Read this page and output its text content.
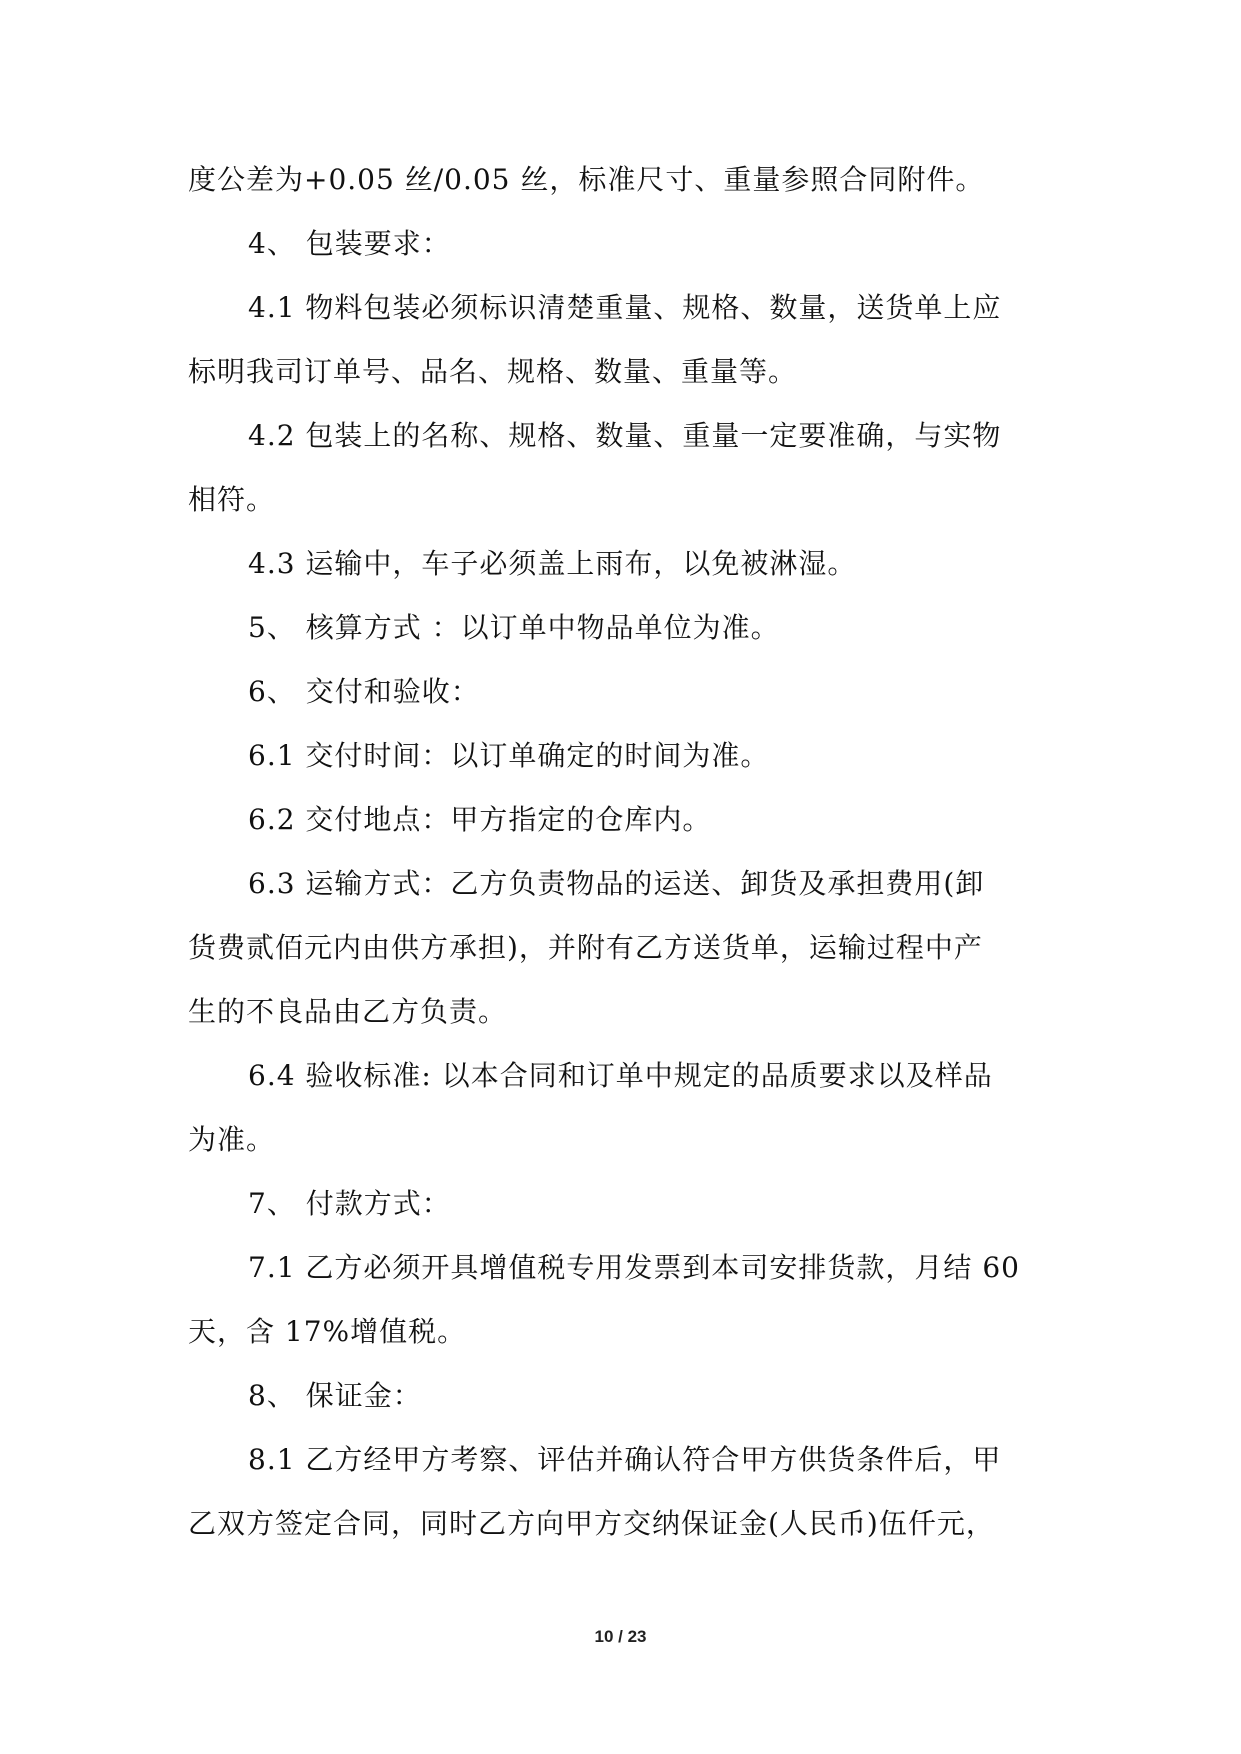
度公差为+0.05 丝/0.05 丝，标准尺寸、重量参照合同附件。
4、 包装要求：
4.1 物料包装必须标识清楚重量、规格、数量，送货单上应
标明我司订单号、品名、规格、数量、重量等。
4.2 包装上的名称、规格、数量、重量一定要准确，与实物
相符。
4.3 运输中，车子必须盖上雨布，以免被淋湿。
5、 核算方式 ：以订单中物品单位为准。
6、 交付和验收：
6.1 交付时间：以订单确定的时间为准。
6.2 交付地点：甲方指定的仓库内。
6.3 运输方式：乙方负责物品的运送、卸货及承担费用(卸
货费贰佰元内由供方承担)，并附有乙方送货单，运输过程中产
生的不良品由乙方负责。
6.4 验收标准: 以本合同和订单中规定的品质要求以及样品
为准。
7、 付款方式：
7.1 乙方必须开具增值税专用发票到本司安排货款，月结 60
天，含 17%增值税。
8、 保证金：
8.1 乙方经甲方考察、评估并确认符合甲方供货条件后，甲
乙双方签定合同，同时乙方向甲方交纳保证金(人民币)伍仟元，
10 / 23
